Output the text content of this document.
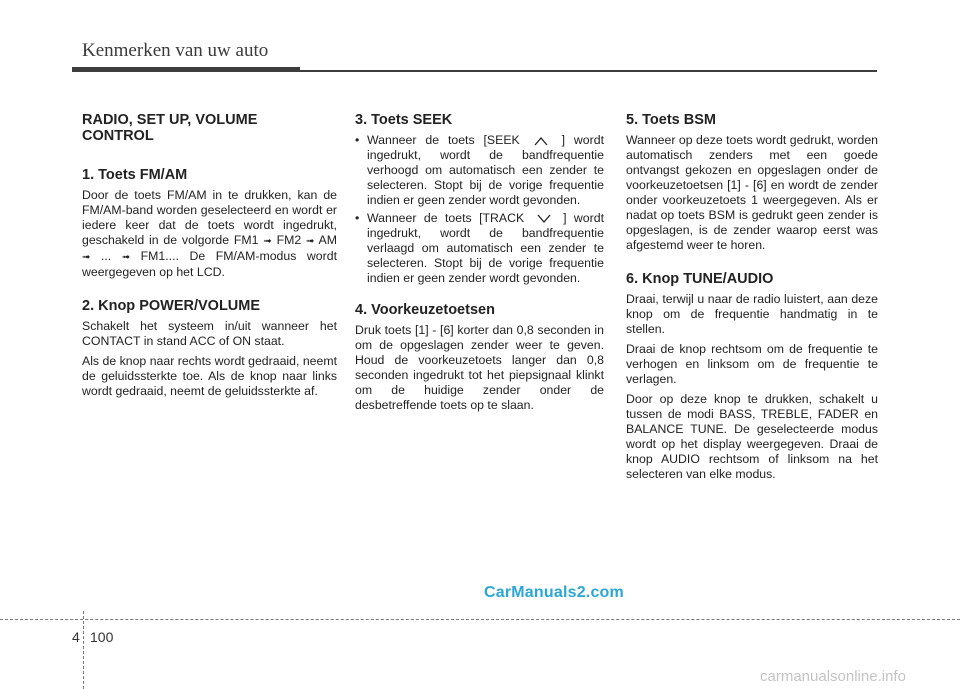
Kenmerken van uw auto
RADIO, SET UP, VOLUME
CONTROL
1. Toets FM/AM

Door de toets FM/AM in te drukken, kan de FM/AM-band worden geselecteerd en wordt er iedere keer dat de toets wordt ingedrukt, geschakeld in de volgorde FM1 ➟ FM2 ➟ AM ➟ ... ➟ FM1.... De FM/AM-modus wordt weergegeven op het LCD.

2. Knop POWER/VOLUME

Schakelt het systeem in/uit wanneer het CONTACT in stand ACC of ON staat.

Als de knop naar rechts wordt gedraaid, neemt de geluidssterkte toe. Als de knop naar links wordt gedraaid, neemt de geluidssterkte af.

3. Toets SEEK
• Wanneer de toets [SEEK	] wordt ingedrukt, wordt de bandfrequentie verhoogd om automatisch een zender te selecteren. Stopt bij de vorige frequentie indien er geen zender wordt gevonden.
• Wanneer de toets [TRACK	] wordt ingedrukt, wordt de bandfrequentie verlaagd om automatisch een zender te selecteren. Stopt bij de vorige frequentie indien er geen zender wordt gevonden.
4. Voorkeuzetoetsen

Druk toets [1] - [6] korter dan 0,8 seconden in om de opgeslagen zender weer te geven. Houd de voorkeuzetoets langer dan 0,8 seconden ingedrukt tot het piepsignaal klinkt om de huidige zender onder de desbetreffende toets op te slaan.

5. Toets BSM

Wanneer op deze toets wordt gedrukt, worden automatisch zenders met een goede ontvangst gekozen en opgeslagen onder de voorkeuzetoetsen [1] - [6] en wordt de zender onder voorkeuzetoets 1 weergegeven. Als er nadat op toets BSM is gedrukt geen zender is opgeslagen, is de zender waarop eerst was afgestemd weer te horen.

6. Knop TUNE/AUDIO

Draai, terwijl u naar de radio luistert, aan deze knop om de frequentie handmatig in te stellen.

Draai de knop rechtsom om de frequentie te verhogen en linksom om de frequentie te verlagen.

Door op deze knop te drukken, schakelt u tussen de modi BASS, TREBLE, FADER en BALANCE TUNE. De geselecteerde modus wordt op het display weergegeven. Draai de knop AUDIO rechtsom of linksom na het selecteren van elke modus.

CarManuals2.com
4 100
carmanualsonline.info
